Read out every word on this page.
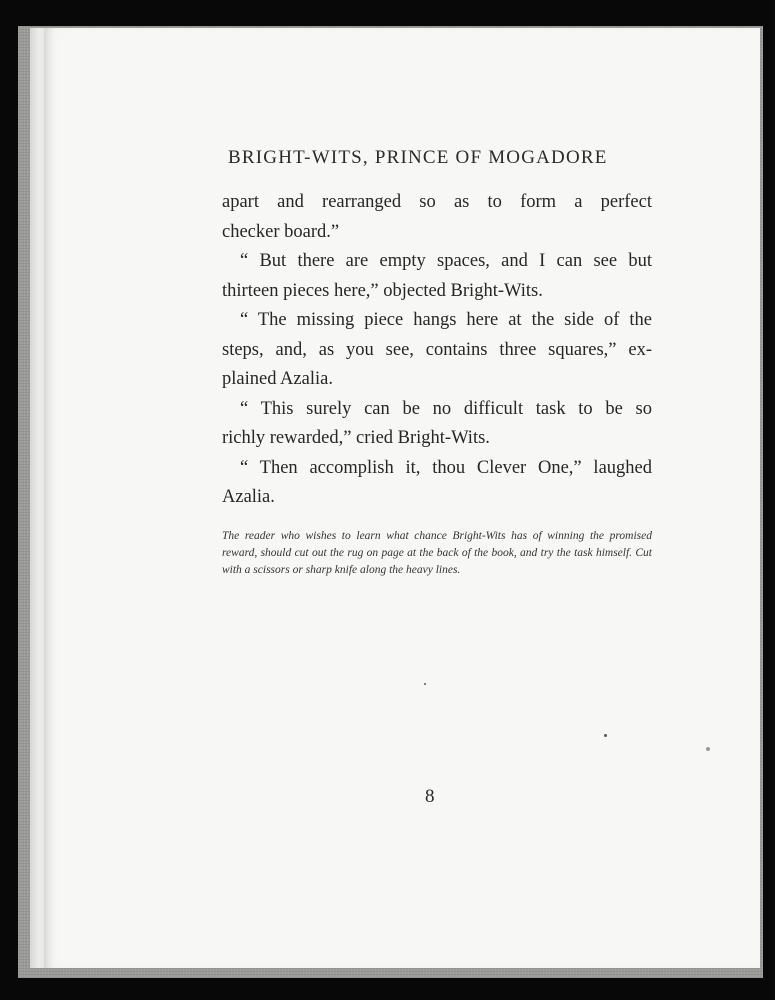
BRIGHT-WITS, PRINCE OF MOGADORE

apart and rearranged so as to form a perfect

checker board.”

“ But there are empty spaces, and I can see but

thirteen pieces here,” objected Bright-Wits.

“ The missing piece hangs here at the side of the

steps, and, as you see, contains three squares,” ex-

plained Azalia.

“ This surely can be no difficult task to be so

richly rewarded,” cried Bright-Wits.

“ Then accomplish it, thou Clever One,” laughed

Azalia.

The reader who wishes to learn what chance Bright-Wits has of winning the promised reward, should cut out the rug on page at the back of the book, and try the task himself. Cut with a scissors or sharp knife along the heavy lines.
8
